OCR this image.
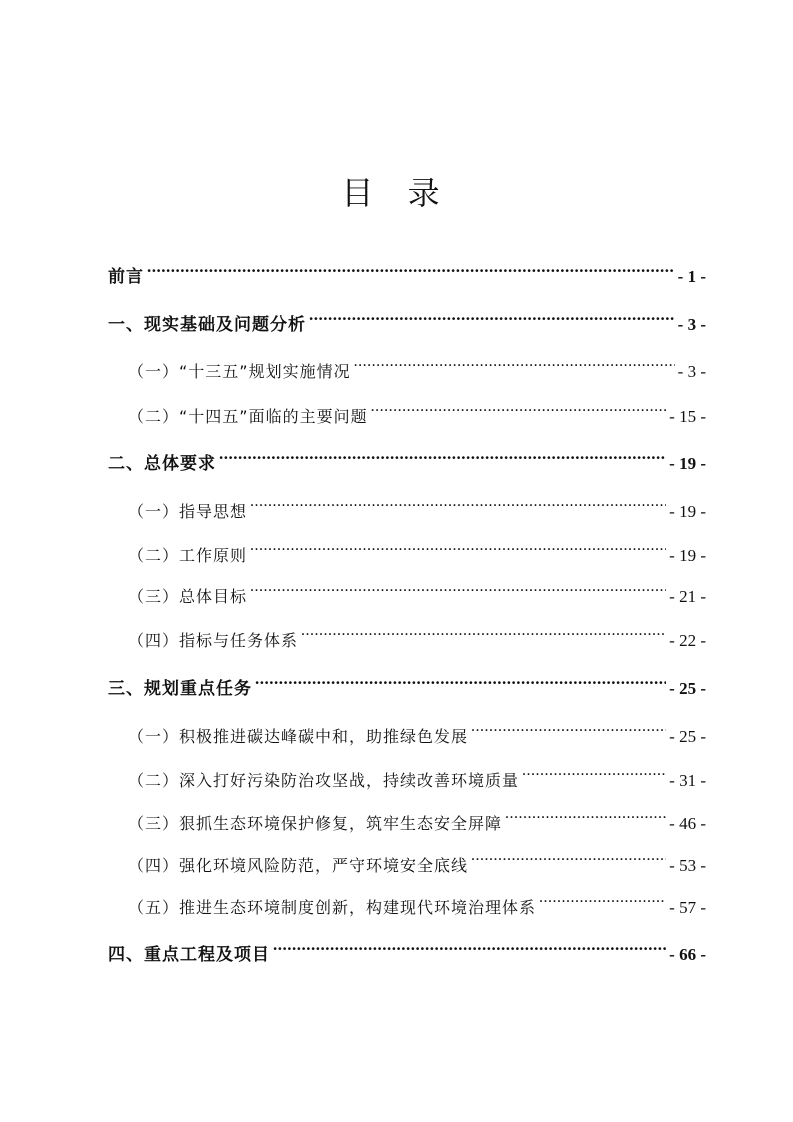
目 录
前言 .....	- 1 -
一、现实基础及问题分析 .....	- 3 -
（一）“十三五”规划实施情况 .....	- 3 -
（二）“十四五”面临的主要问题 .....	- 15 -
二、总体要求 .....	- 19 -
（一）指导思想 .....	- 19 -
（二）工作原则 .....	- 19 -
（三）总体目标 .....	- 21 -
（四）指标与任务体系 .....	- 22 -
三、规划重点任务 .....	- 25 -
（一）积极推进碳达峰碳中和，助推绿色发展 .....	- 25 -
（二）深入打好污染防治攻坚战，持续改善环境质量 .....	- 31 -
（三）狠抓生态环境保护修复，筑牢生态安全屏障 .....	- 46 -
（四）强化环境风险防范，严守环境安全底线 .....	- 53 -
（五）推进生态环境制度创新，构建现代环境治理体系 .....	- 57 -
四、重点工程及项目 .....	- 66 -
